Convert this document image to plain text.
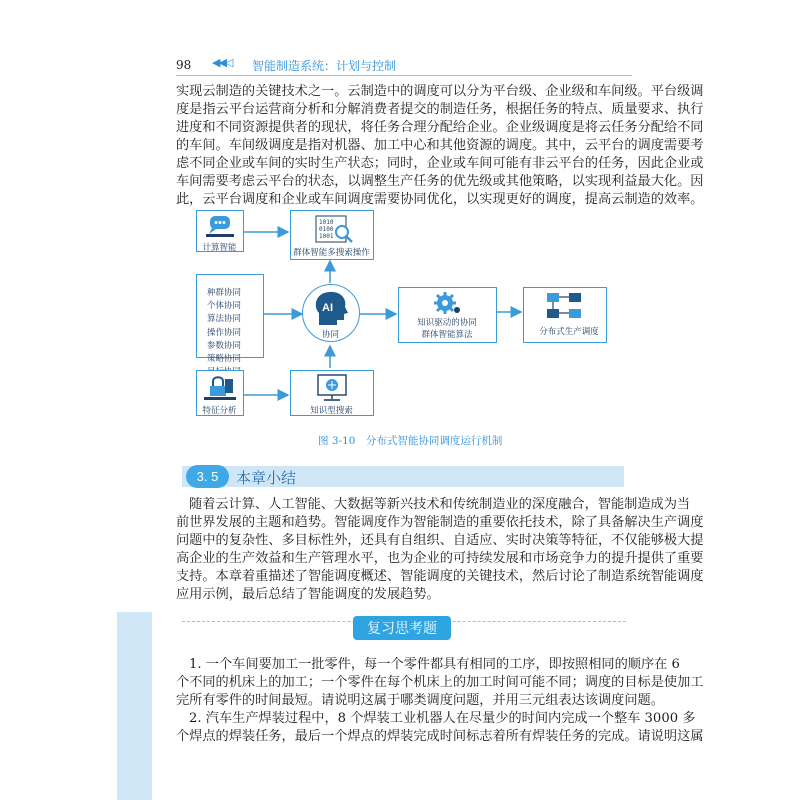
98 ◀◀◁ 智能制造系统：计划与控制
实现云制造的关键技术之一。云制造中的调度可以分为平台级、企业级和车间级。平台级调
度是指云平台运营商分析和分解消费者提交的制造任务，根据任务的特点、质量要求、执行
进度和不同资源提供者的现状，将任务合理分配给企业。企业级调度是将云任务分配给不同
的车间。车间级调度是指对机器、加工中心和其他资源的调度。其中，云平台的调度需要考
虑不同企业或车间的实时生产状态；同时，企业或车间可能有非云平台的任务，因此企业或
车间需要考虑云平台的状态，以调整生产任务的优先级或其他策略，以实现利益最大化。因
此，云平台调度和企业或车间调度需要协同优化，以实现更好的调度，提高云制造的效率。
计算智能
1010
0100
1001
群体智能多搜索操作
种群协同
个体协同
算法协同
操作协同
参数协同
策略协同
AI
协同
知识驱动的协同
群体智能算法	分布式生产调度
特征分析	知识型搜索
图 3-10　分布式智能协同调度运行机制
3. 5	本章小结
随着云计算、人工智能、大数据等新兴技术和传统制造业的深度融合，智能制造成为当
前世界发展的主题和趋势。智能调度作为智能制造的重要依托技术，除了具备解决生产调度
问题中的复杂性、多目标性外，还具有自组织、自适应、实时决策等特征，不仅能够极大提
高企业的生产效益和生产管理水平，也为企业的可持续发展和市场竞争力的提升提供了重要
支持。本章着重描述了智能调度概述、智能调度的关键技术，然后讨论了制造系统智能调度
应用示例，最后总结了智能调度的发展趋势。
复习思考题
1. 一个车间要加工一批零件，每一个零件都具有相同的工序，即按照相同的顺序在 6
个不同的机床上的加工；一个零件在每个机床上的加工时间可能不同；调度的目标是使加工
完所有零件的时间最短。请说明这属于哪类调度问题，并用三元组表达该调度问题。
2. 汽车生产焊装过程中，8 个焊装工业机器人在尽量少的时间内完成一个整车 3000 多
个焊点的焊装任务，最后一个焊点的焊装完成时间标志着所有焊装任务的完成。请说明这属
